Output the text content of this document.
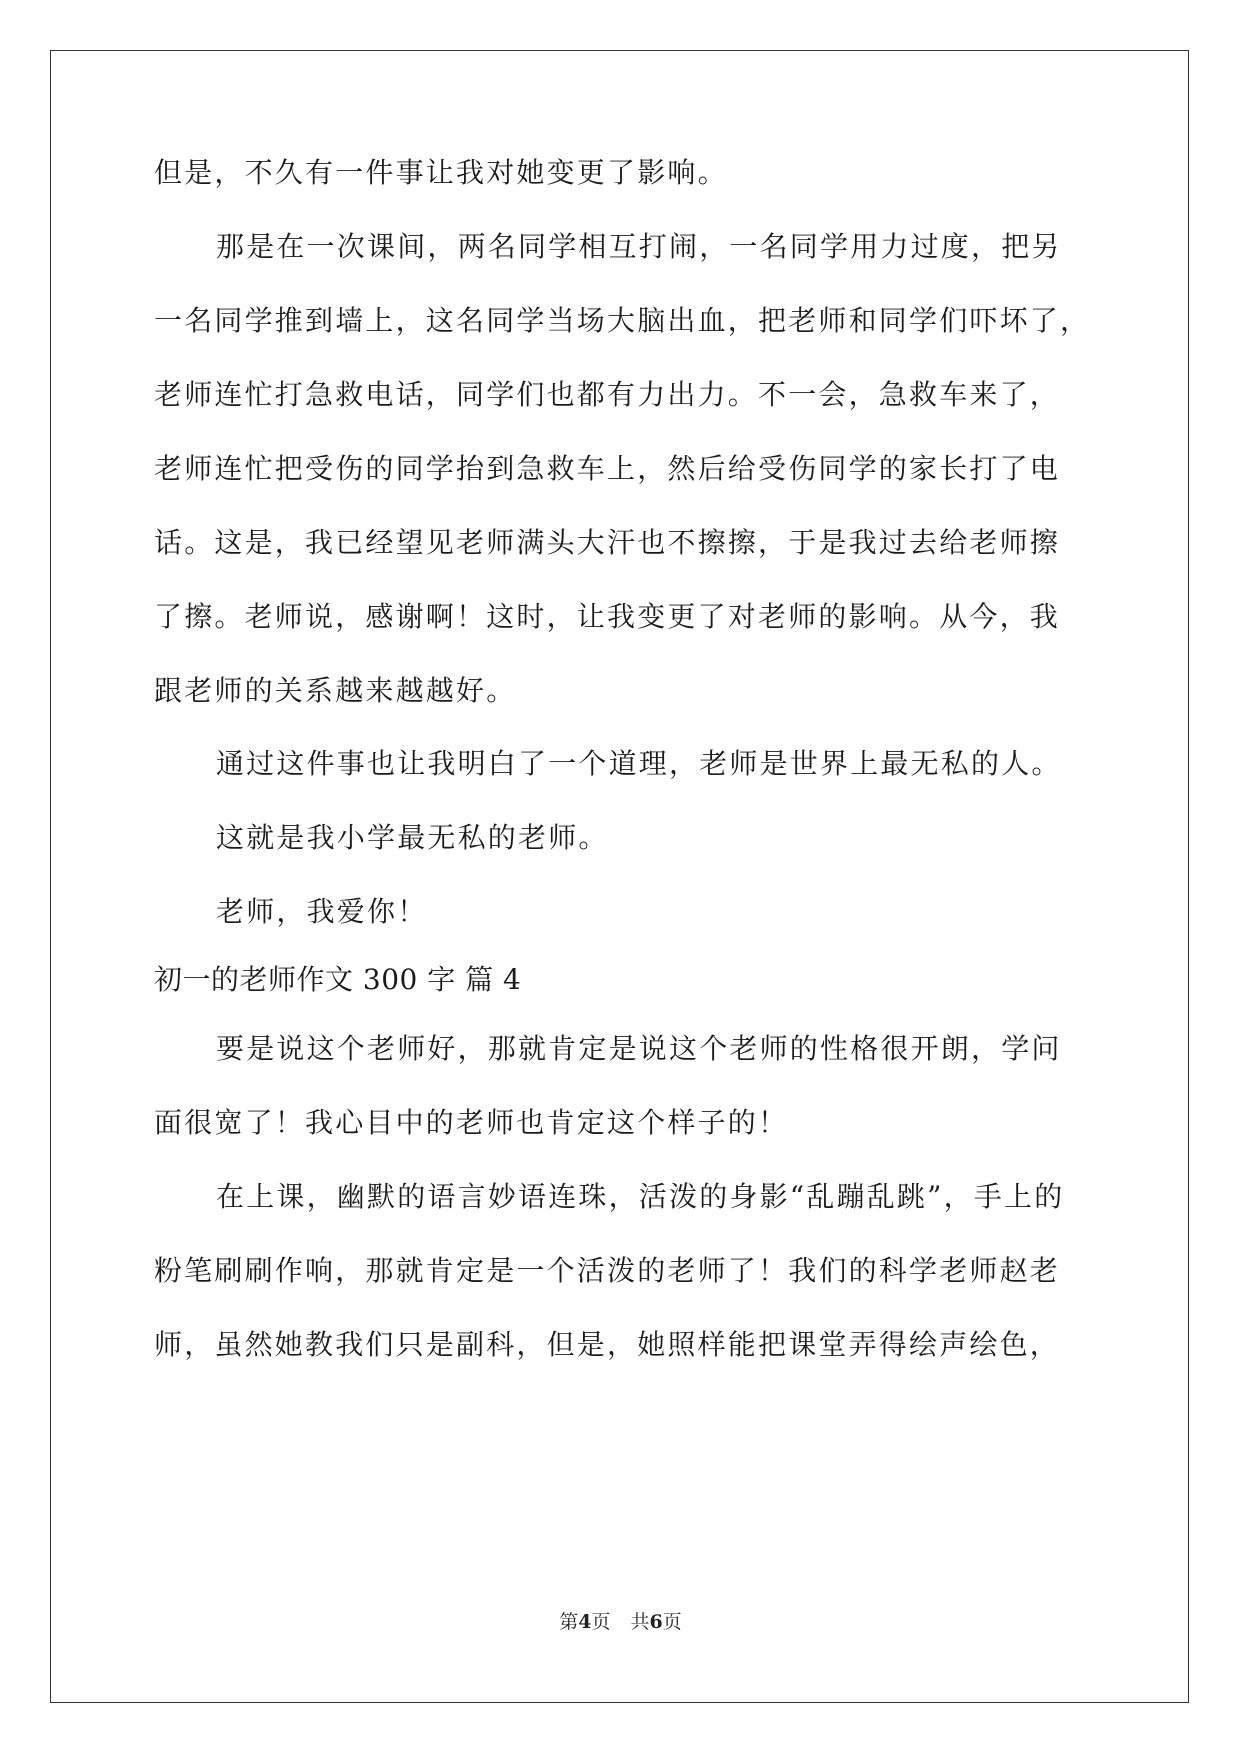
但是，不久有一件事让我对她变更了影响。
那是在一次课间，两名同学相互打闹，一名同学用力过度，把另
一名同学推到墙上，这名同学当场大脑出血，把老师和同学们吓坏了，
老师连忙打急救电话，同学们也都有力出力。不一会，急救车来了，
老师连忙把受伤的同学抬到急救车上，然后给受伤同学的家长打了电
话。这是，我已经望见老师满头大汗也不擦擦，于是我过去给老师擦
了擦。老师说，感谢啊！这时，让我变更了对老师的影响。从今，我
跟老师的关系越来越越好。
通过这件事也让我明白了一个道理，老师是世界上最无私的人。
这就是我小学最无私的老师。
老师，我爱你！
初一的老师作文 300 字 篇 4
要是说这个老师好，那就肯定是说这个老师的性格很开朗，学问
面很宽了！我心目中的老师也肯定这个样子的！
在上课，幽默的语言妙语连珠，活泼的身影“乱蹦乱跳”，手上的
粉笔刷刷作响，那就肯定是一个活泼的老师了！我们的科学老师赵老
师，虽然她教我们只是副科，但是，她照样能把课堂弄得绘声绘色，
第4页 共6页
